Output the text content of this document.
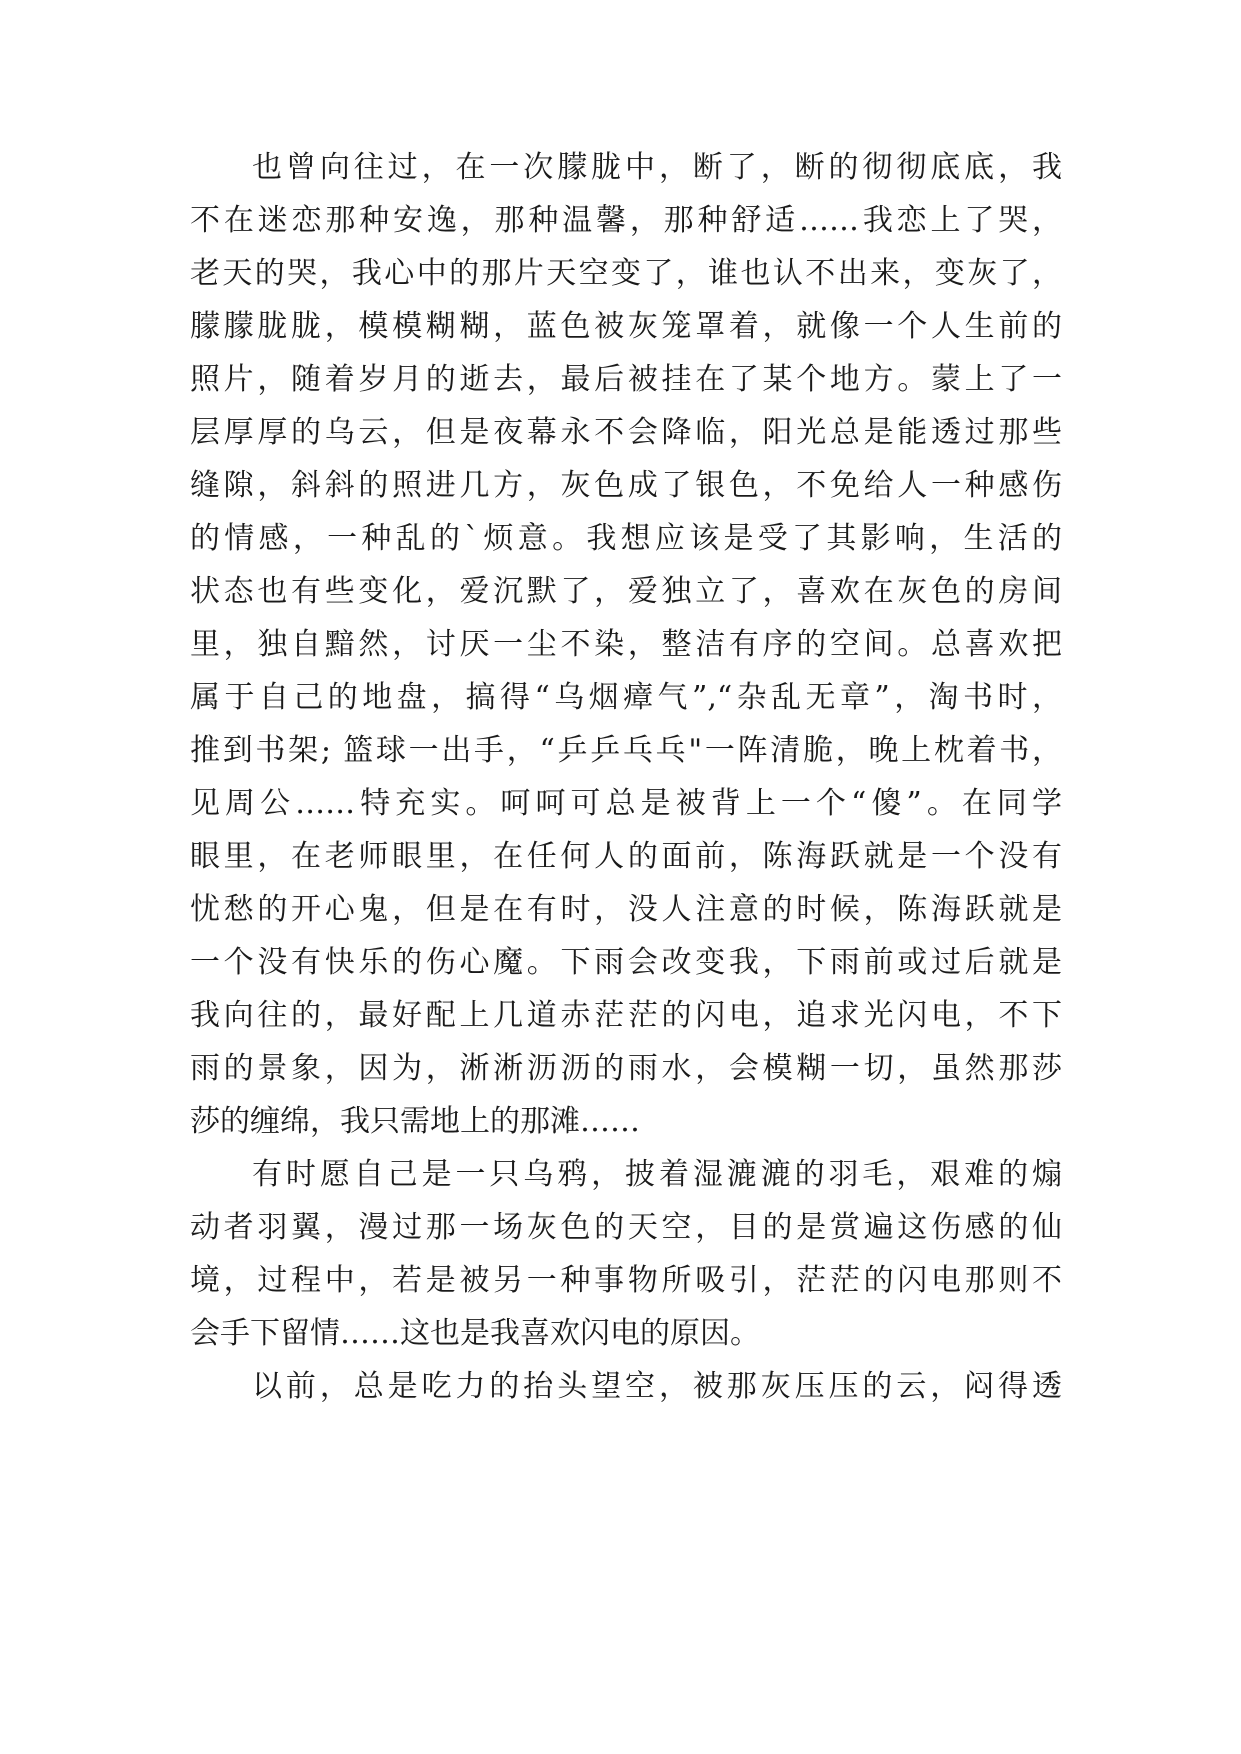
也曾向往过，在一次朦胧中，断了，断的彻彻底底，我

不在迷恋那种安逸，那种温馨，那种舒适……我恋上了哭，

老天的哭，我心中的那片天空变了，谁也认不出来，变灰了，

朦朦胧胧，模模糊糊，蓝色被灰笼罩着，就像一个人生前的

照片，随着岁月的逝去，最后被挂在了某个地方。蒙上了一

层厚厚的乌云，但是夜幕永不会降临，阳光总是能透过那些

缝隙，斜斜的照进几方，灰色成了银色，不免给人一种感伤

的情感，一种乱的`烦意。我想应该是受了其影响，生活的

状态也有些变化，爱沉默了，爱独立了，喜欢在灰色的房间

里，独自黯然，讨厌一尘不染，整洁有序的空间。总喜欢把

属于自己的地盘，搞得“乌烟瘴气”,“杂乱无章”，淘书时，

推到书架; 篮球一出手，“乒乒乓乓"一阵清脆，晚上枕着书，

见周公……特充实。呵呵可总是被背上一个“傻”。在同学

眼里，在老师眼里，在任何人的面前，陈海跃就是一个没有

忧愁的开心鬼，但是在有时，没人注意的时候，陈海跃就是

一个没有快乐的伤心魔。下雨会改变我，下雨前或过后就是

我向往的，最好配上几道赤茫茫的闪电，追求光闪电，不下

雨的景象，因为，淅淅沥沥的雨水，会模糊一切，虽然那莎

莎的缠绵，我只需地上的那滩……

有时愿自己是一只乌鸦，披着湿漉漉的羽毛，艰难的煽

动者羽翼，漫过那一场灰色的天空，目的是赏遍这伤感的仙

境，过程中，若是被另一种事物所吸引，茫茫的闪电那则不

会手下留情……这也是我喜欢闪电的原因。

以前，总是吃力的抬头望空，被那灰压压的云，闷得透
